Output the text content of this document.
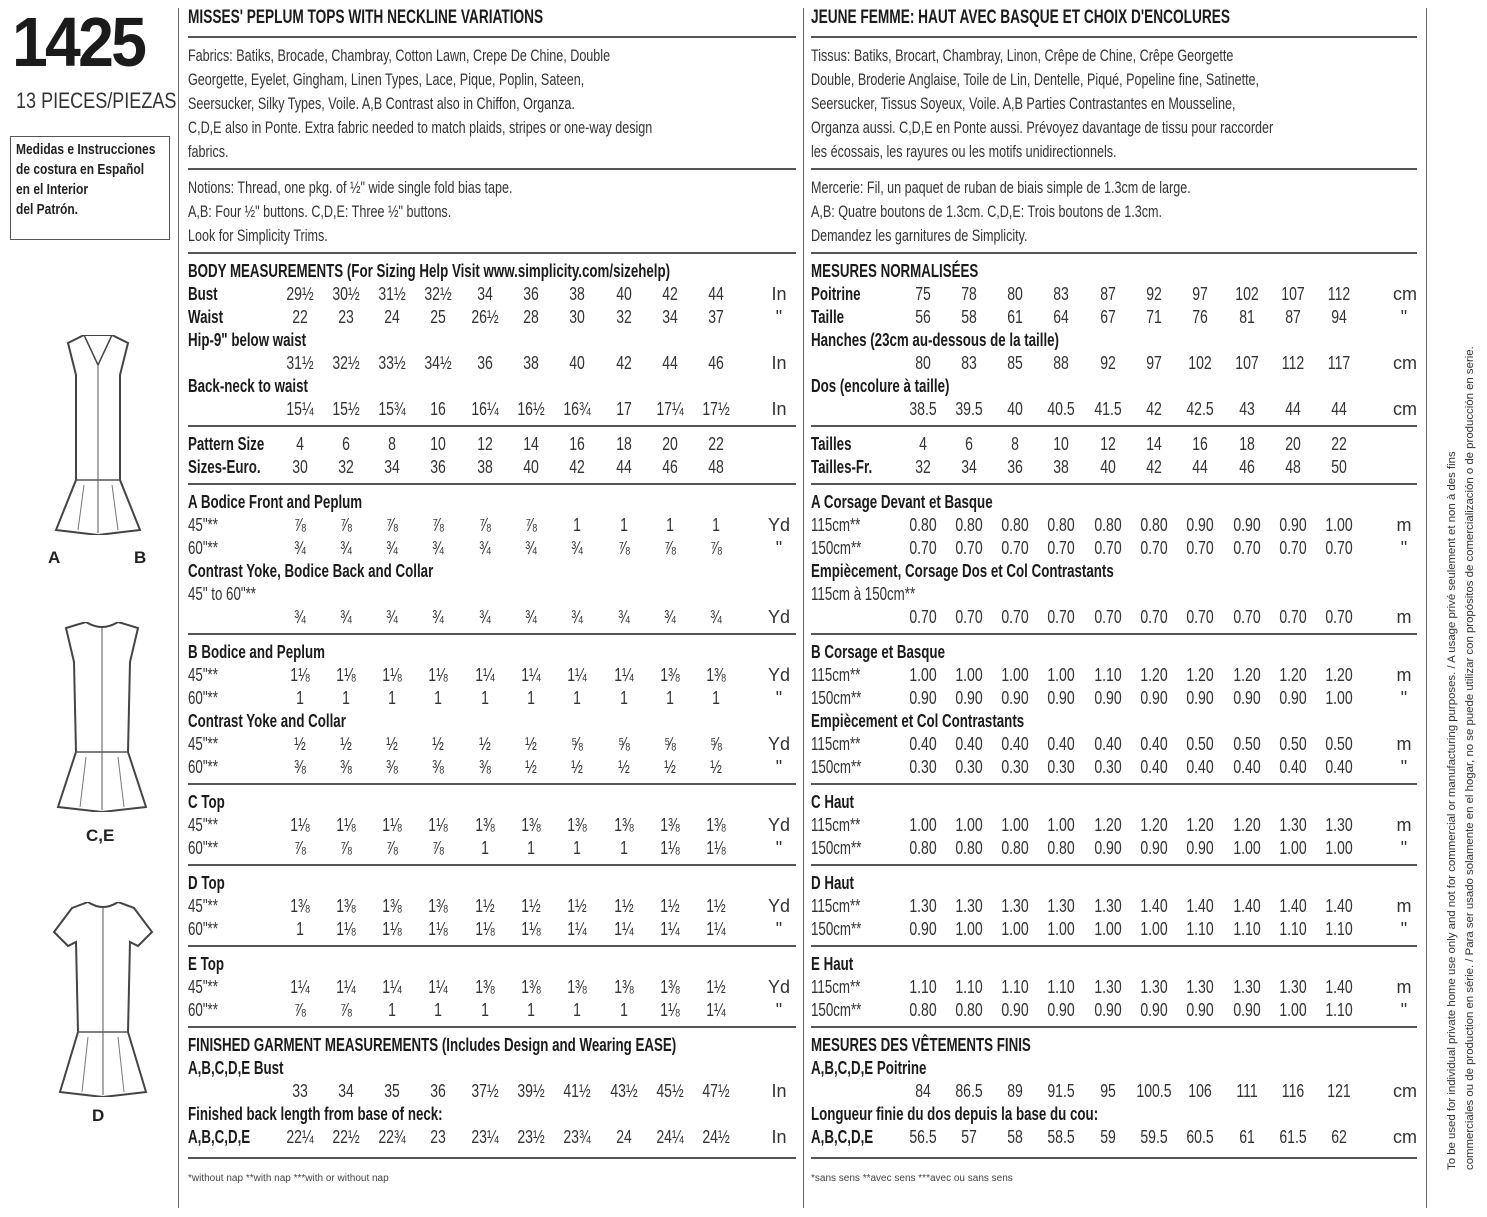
1425
13 PIECES/PIEZAS
Medidas e Instrucciones
de costura en Español
en el Interior
del Patrón.
A	B
C,E
D
MISSES' PEPLUM TOPS WITH NECKLINE VARIATIONS
Fabrics: Batiks, Brocade, Chambray, Cotton Lawn, Crepe De Chine, Double
Georgette, Eyelet, Gingham, Linen Types, Lace, Pique, Poplin, Sateen,
Seersucker, Silky Types, Voile. A,B Contrast also in Chiffon, Organza.
C,D,E also in Ponte. Extra fabric needed to match plaids, stripes or one-way design
fabrics.
Notions: Thread, one pkg. of ½" wide single fold bias tape.
A,B: Four ½" buttons. C,D,E: Three ½" buttons.
Look for Simplicity Trims.
BODY MEASUREMENTS (For Sizing Help Visit www.simplicity.com/sizehelp)
Bust	29½ 30½ 31½ 32½	34	36	38	40	42	44	In
Waist	22	23	24	25	26½	28	30	32	34	37	"
Hip-9" below waist
31½ 32½ 33½ 34½	36	38	40	42	44	46	In
Back-neck to waist
15¼ 15½ 15¾	16	16¼ 16½ 16¾	17	17¼ 17½ In
Pattern Size	4	6	8	10	12	14	16	18	20	22
Sizes-Euro.	30	32	34	36	38	40	42	44	46	48
A Bodice Front and Peplum
45"**	⅞	⅞	⅞	⅞	⅞	⅞	1	1	1	1	Yd
60"**	¾	¾	¾	¾	¾	¾	¾	⅞	⅞	⅞	"
Contrast Yoke, Bodice Back and Collar
45" to 60"**
¾	¾	¾	¾	¾	¾	¾	¾	¾	¾	Yd
B Bodice and Peplum
45"**	1⅛	1⅛	1⅛	1⅛	1¼	1¼	1¼	1¼	1⅜	1⅜	Yd
60"**	1	1	1	1	1	1	1	1	1	1	"
Contrast Yoke and Collar
45"**	½	½	½	½	½	½	⅝	⅝	⅝	⅝	Yd
60"**	⅜	⅜	⅜	⅜	⅜	½	½	½	½	½	"
C Top
45"**	1⅛	1⅛	1⅛	1⅛	1⅜	1⅜	1⅜	1⅜	1⅜	1⅜	Yd
60"**	⅞	⅞	⅞	⅞	1	1	1	1	1⅛	1⅛	"
D Top
45"**	1⅜	1⅜	1⅜	1⅜	1½	1½	1½	1½	1½	1½	Yd
60"**	1	1⅛	1⅛	1⅛	1⅛	1⅛	1¼	1¼	1¼	1¼	"
E Top
45"**	1¼	1¼	1¼	1¼	1⅜	1⅜	1⅜	1⅜	1⅜	1½	Yd
60"**	⅞	⅞	1	1	1	1	1	1	1⅛	1¼	"
FINISHED GARMENT MEASUREMENTS (Includes Design and Wearing EASE)
A,B,C,D,E Bust
33	34	35	36	37½ 39½ 41½ 43½ 45½ 47½ In
Finished back length from base of neck:
A,B,C,D,E 22¼ 22½ 22¾	23	23¼ 23½ 23¾	24	24¼ 24½ In
*without nap **with nap ***with or without nap
JEUNE FEMME: HAUT AVEC BASQUE ET CHOIX D'ENCOLURES
Tissus: Batiks, Brocart, Chambray, Linon, Crêpe de Chine, Crêpe Georgette
Double, Broderie Anglaise, Toile de Lin, Dentelle, Piqué, Popeline fine, Satinette,
Seersucker, Tissus Soyeux, Voile. A,B Parties Contrastantes en Mousseline,
Organza aussi. C,D,E en Ponte aussi. Prévoyez davantage de tissu pour raccorder
les écossais, les rayures ou les motifs unidirectionnels.
Mercerie: Fil, un paquet de ruban de biais simple de 1.3cm de large.
A,B: Quatre boutons de 1.3cm. C,D,E: Trois boutons de 1.3cm.
Demandez les garnitures de Simplicity.
MESURES NORMALISÉES
Poitrine	75	78	80	83	87	92	97	102	107	112	cm
Taille	56	58	61	64	67	71	76	81	87	94	"
Hanches (23cm au-dessous de la taille)
80	83	85	88	92	97	102	107	112	117	cm
Dos (encolure à taille)
38.5 39.5	40	40.5 41.5	42	42.5	43	44	44	cm
Tailles	4	6	8	10	12	14	16	18	20	22
Tailles-Fr.	32	34	36	38	40	42	44	46	48	50
A Corsage Devant et Basque
115cm**	0.80 0.80 0.80 0.80 0.80 0.80 0.90 0.90 0.90 1.00 m
150cm**	0.70 0.70 0.70 0.70 0.70 0.70 0.70 0.70 0.70 0.70	"
Empiècement, Corsage Dos et Col Contrastants
115cm à 150cm**
0.70 0.70 0.70 0.70 0.70 0.70 0.70 0.70 0.70 0.70 m
B Corsage et Basque
115cm**	1.00 1.00 1.00 1.00 1.10 1.20 1.20 1.20 1.20 1.20 m
150cm**	0.90 0.90 0.90 0.90 0.90 0.90 0.90 0.90 0.90 1.00	"
Empiècement et Col Contrastants
115cm**	0.40 0.40 0.40 0.40 0.40 0.40 0.50 0.50 0.50 0.50 m
150cm**	0.30 0.30 0.30 0.30 0.30 0.40 0.40 0.40 0.40 0.40	"
C Haut
115cm**	1.00 1.00 1.00 1.00 1.20 1.20 1.20 1.20 1.30 1.30 m
150cm**	0.80 0.80 0.80 0.80 0.90 0.90 0.90 1.00 1.00 1.00	"
D Haut
115cm**	1.30 1.30 1.30 1.30 1.30 1.40 1.40 1.40 1.40 1.40 m
150cm**	0.90 1.00 1.00 1.00 1.00 1.00 1.10 1.10 1.10 1.10	"
E Haut
115cm**	1.10 1.10 1.10 1.10 1.30 1.30 1.30 1.30 1.30 1.40 m
150cm**	0.80 0.80 0.90 0.90 0.90 0.90 0.90 0.90 1.00 1.10	"
MESURES DES VÊTEMENTS FINIS
A,B,C,D,E Poitrine
84	86.5	89	91.5	95	100.5 106	111	116	121	cm
Longueur finie du dos depuis la base du cou:
A,B,C,D,E 56.5	57	58	58.5	59	59.5 60.5	61	61.5	62	cm
*sans sens **avec sens ***avec ou sans sens
To be used for individual private home use only and not for commercial or manufacturing purposes. / A usage privé seulement et non à des fins commerciales ou de production en série. / Para ser usado solamente en el hogar, no se puede utilizar con propósitos de comercialización o de producción en serie.
